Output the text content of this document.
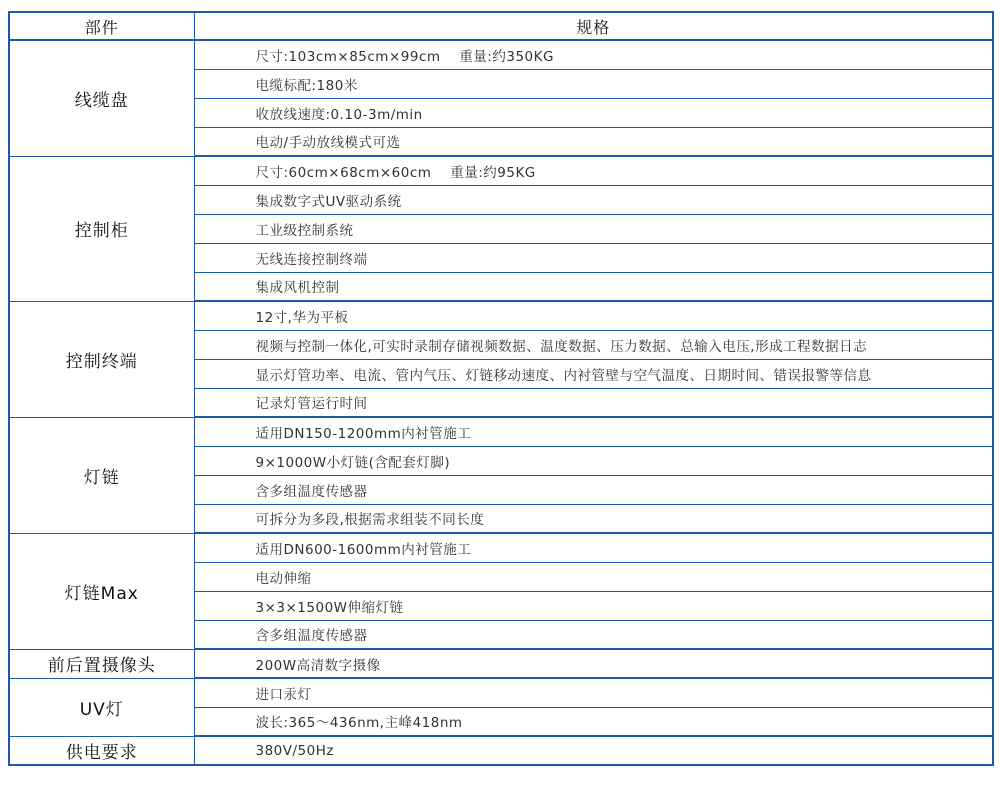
部件	规格
线缆盘	尺寸:103cm×85cm×99cm　 重量:约350KG
	电缆标配:180米
	收放线速度:0.10-3m/min
	电动/手动放线模式可选
控制柜	尺寸:60cm×68cm×60cm　 重量:约95KG
	集成数字式UV驱动系统
	工业级控制系统
	无线连接控制终端
	集成风机控制
控制终端	12寸,华为平板
	视频与控制一体化,可实时录制存储视频数据、温度数据、压力数据、总输入电压,形成工程数据日志
	显示灯管功率、电流、管内气压、灯链移动速度、内衬管壁与空气温度、日期时间、错误报警等信息
	记录灯管运行时间
灯链	适用DN150-1200mm内衬管施工
	9×1000W小灯链(含配套灯脚)
	含多组温度传感器
	可拆分为多段,根据需求组装不同长度
灯链Max	适用DN600-1600mm内衬管施工
	电动伸缩
	3×3×1500W伸缩灯链
	含多组温度传感器
前后置摄像头	200W高清数字摄像
UV灯	进口汞灯
	波长:365～436nm,主峰418nm
供电要求	380V/50Hz
